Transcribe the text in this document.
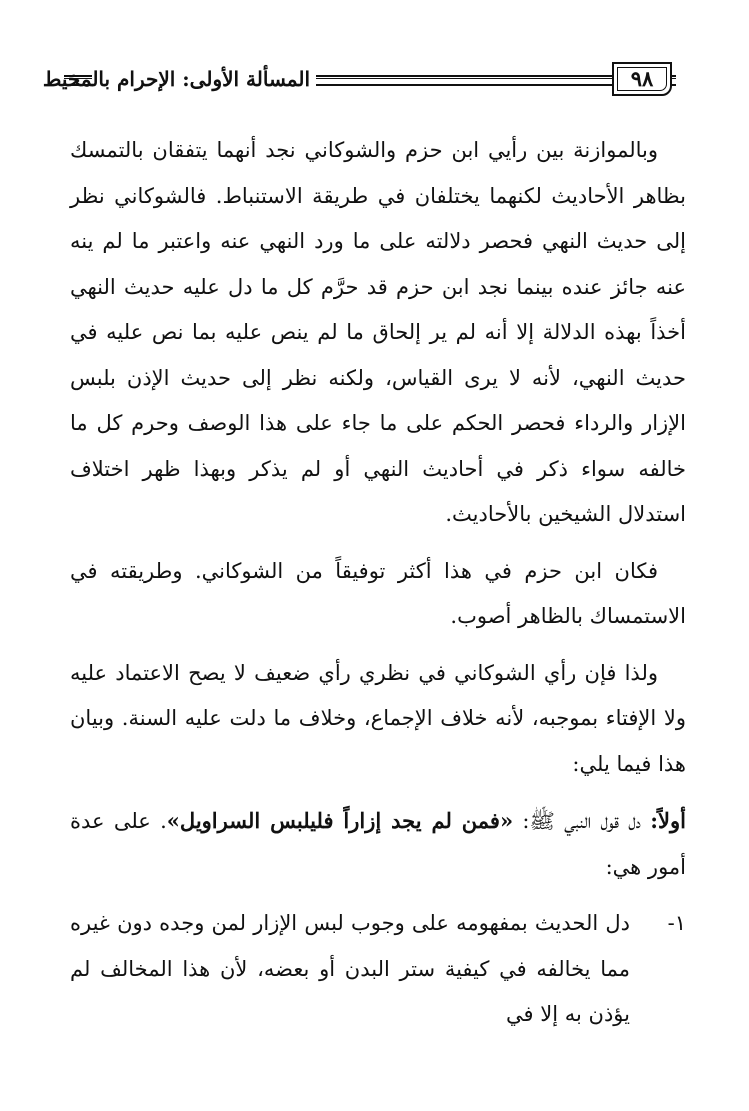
المسألة الأولى: الإحرام بالمخيط	٩٨

وبالموازنة بين رأيي ابن حزم والشوكاني نجد أنهما يتفقان بالتمسك بظاهر الأحاديث لكنهما يختلفان في طريقة الاستنباط. فالشوكاني نظر إلى حديث النهي فحصر دلالته على ما ورد النهي عنه واعتبر ما لم ينه عنه جائز عنده بينما نجد ابن حزم قد حرَّم كل ما دل عليه حديث النهي أخذاً بهذه الدلالة إلا أنه لم ير إلحاق ما لم ينص عليه بما نص عليه في حديث النهي، لأنه لا يرى القياس، ولكنه نظر إلى حديث الإذن بلبس الإزار والرداء فحصر الحكم على ما جاء على هذا الوصف وحرم كل ما خالفه سواء ذكر في أحاديث النهي أو لم يذكر وبهذا ظهر اختلاف استدلال الشيخين بالأحاديث.

فكان ابن حزم في هذا أكثر توفيقاً من الشوكاني. وطريقته في الاستمساك بالظاهر أصوب.

ولذا فإن رأي الشوكاني في نظري رأي ضعيف لا يصح الاعتماد عليه ولا الإفتاء بموجبه، لأنه خلاف الإجماع، وخلاف ما دلت عليه السنة. وبيان هذا فيما يلي:

أولاً: دل قول النبي ﷺ: «فمن لم يجد إزاراً فليلبس السراويل». على عدة أمور هي:

١-
دل الحديث بمفهومه على وجوب لبس الإزار لمن وجده دون غيره مما يخالفه في كيفية ستر البدن أو بعضه، لأن هذا المخالف لم يؤذن به إلا في
